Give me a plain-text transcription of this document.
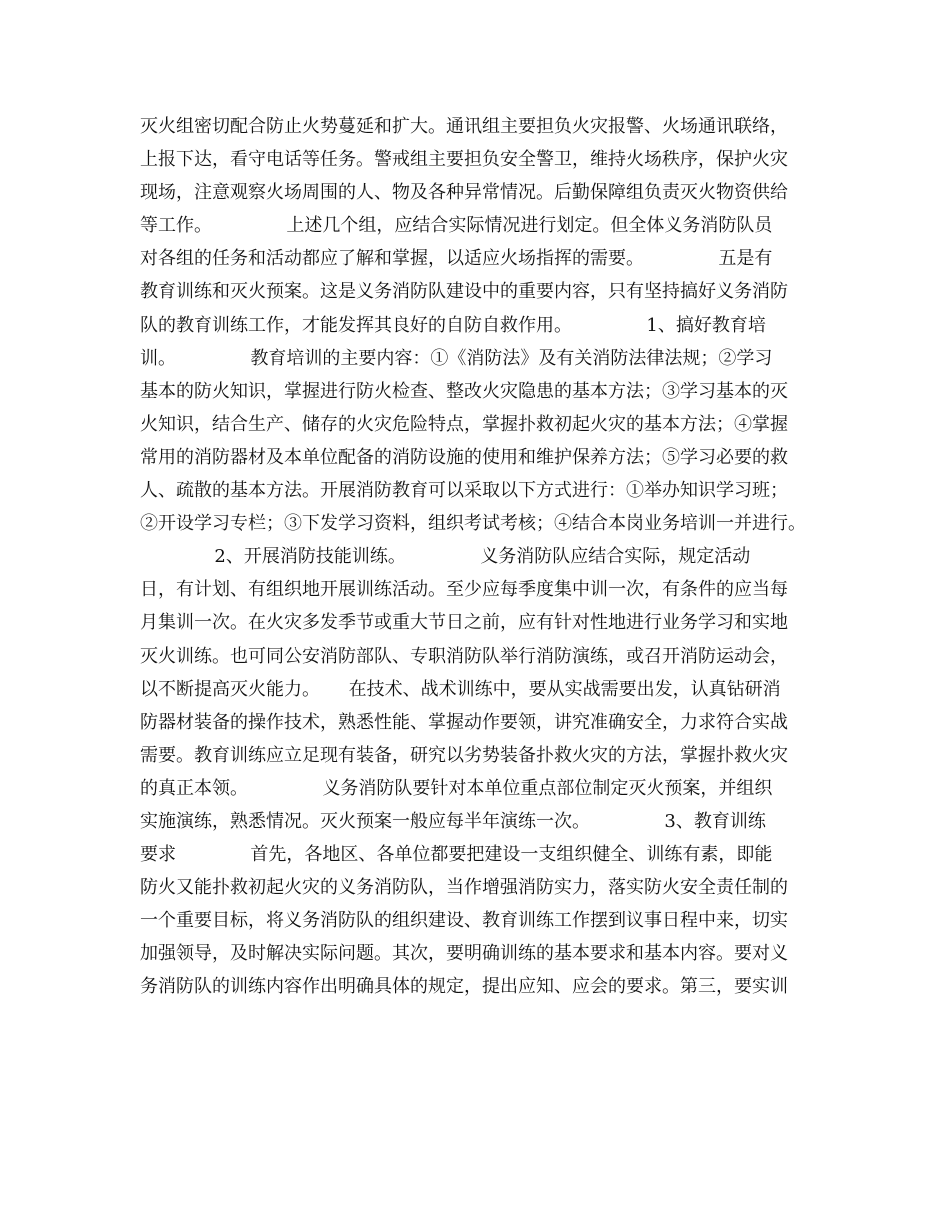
灭火组密切配合防止火势蔓延和扩大。通讯组主要担负火灾报警、火场通讯联络，
上报下达，看守电话等任务。警戒组主要担负安全警卫，维持火场秩序，保护火灾
现场，注意观察火场周围的人、物及各种异常情况。后勤保障组负责灭火物资供给
等工作。             上述几个组，应结合实际情况进行划定。但全体义务消防队员
对各组的任务和活动都应了解和掌握，以适应火场指挥的需要。             五是有
教育训练和灭火预案。这是义务消防队建设中的重要内容，只有坚持搞好义务消防
队的教育训练工作，才能发挥其良好的自防自救作用。             1、搞好教育培
训。             教育培训的主要内容：①《消防法》及有关消防法律法规；②学习
基本的防火知识，掌握进行防火检查、整改火灾隐患的基本方法；③学习基本的灭
火知识，结合生产、储存的火灾危险特点，掌握扑救初起火灾的基本方法；④掌握
常用的消防器材及本单位配备的消防设施的使用和维护保养方法；⑤学习必要的救
人、疏散的基本方法。开展消防教育可以采取以下方式进行：①举办知识学习班；
②开设学习专栏；③下发学习资料，组织考试考核；④结合本岗业务培训一并进行。
2、开展消防技能训练。             义务消防队应结合实际，规定活动
日，有计划、有组织地开展训练活动。至少应每季度集中训一次，有条件的应当每
月集训一次。在火灾多发季节或重大节日之前，应有针对性地进行业务学习和实地
灭火训练。也可同公安消防部队、专职消防队举行消防演练，或召开消防运动会，
以不断提高灭火能力。     在技术、战术训练中，要从实战需要出发，认真钻研消
防器材装备的操作技术，熟悉性能、掌握动作要领，讲究准确安全，力求符合实战
需要。教育训练应立足现有装备，研究以劣势装备扑救火灾的方法，掌握扑救火灾
的真正本领。             义务消防队要针对本单位重点部位制定灭火预案，并组织
实施演练，熟悉情况。灭火预案一般应每半年演练一次。             3、教育训练
要求             首先，各地区、各单位都要把建设一支组织健全、训练有素，即能
防火又能扑救初起火灾的义务消防队，当作增强消防实力，落实防火安全责任制的
一个重要目标，将义务消防队的组织建设、教育训练工作摆到议事日程中来，切实
加强领导，及时解决实际问题。其次，要明确训练的基本要求和基本内容。要对义
务消防队的训练内容作出明确具体的规定，提出应知、应会的要求。第三，要实训
